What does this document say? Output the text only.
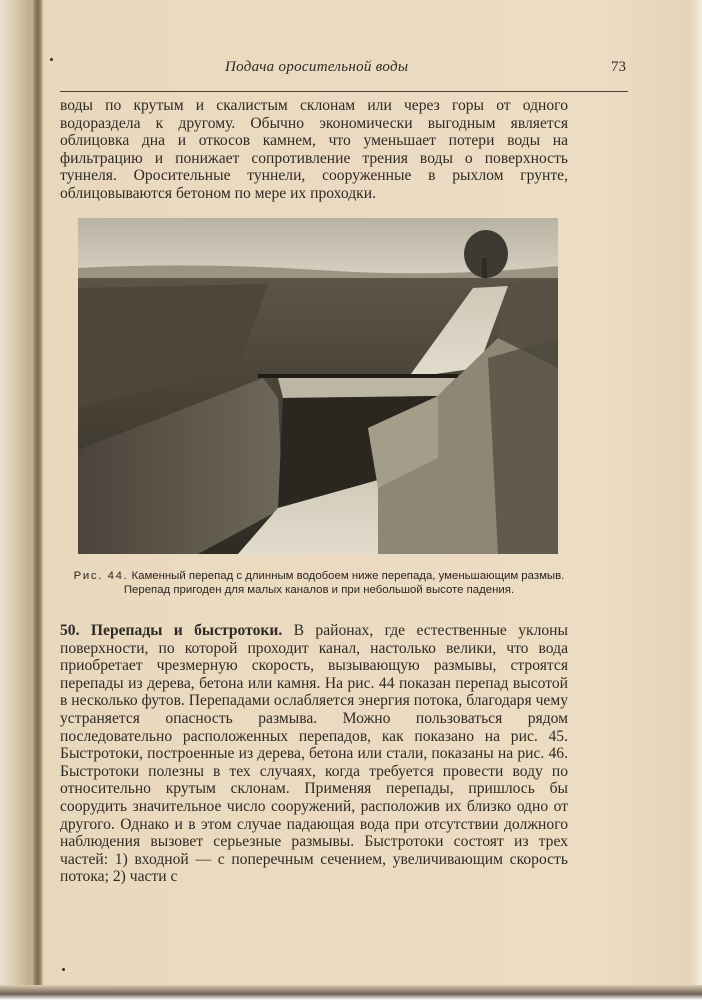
Подача оросительной воды	73

воды по крутым и скалистым склонам или через горы от одного водораздела к другому. Обычно экономически выгодным является облицовка дна и откосов камнем, что уменьшает потери воды на фильтрацию и понижает сопротивление трения воды о поверхность туннеля. Оросительные туннели, сооруженные в рыхлом грунте, облицовываются бетоном по мере их проходки.

Рис. 44. Каменный перепад с длинным водобоем ниже перепада, уменьшающим размыв. Перепад пригоден для малых каналов и при небольшой высоте падения.

50. Перепады и быстротоки. В районах, где естественные уклоны поверхности, по которой проходит канал, настолько велики, что вода приобретает чрезмерную скорость, вызывающую размывы, строятся перепады из дерева, бетона или камня. На рис. 44 показан перепад высотой в несколько футов. Перепадами ослабляется энергия потока, благодаря чему устраняется опасность размыва. Можно пользоваться рядом последовательно расположенных перепадов, как показано на рис. 45. Быстротоки, построенные из дерева, бетона или стали, показаны на рис. 46. Быстротоки полезны в тех случаях, когда требуется провести воду по относительно крутым склонам. Применяя перепады, пришлось бы соорудить значительное число сооружений, расположив их близко одно от другого. Однако и в этом случае падающая вода при отсутствии должного наблюдения вызовет серьезные размывы. Быстротоки состоят из трех частей: 1) входной — с поперечным сечением, увеличивающим скорость потока; 2) части с
